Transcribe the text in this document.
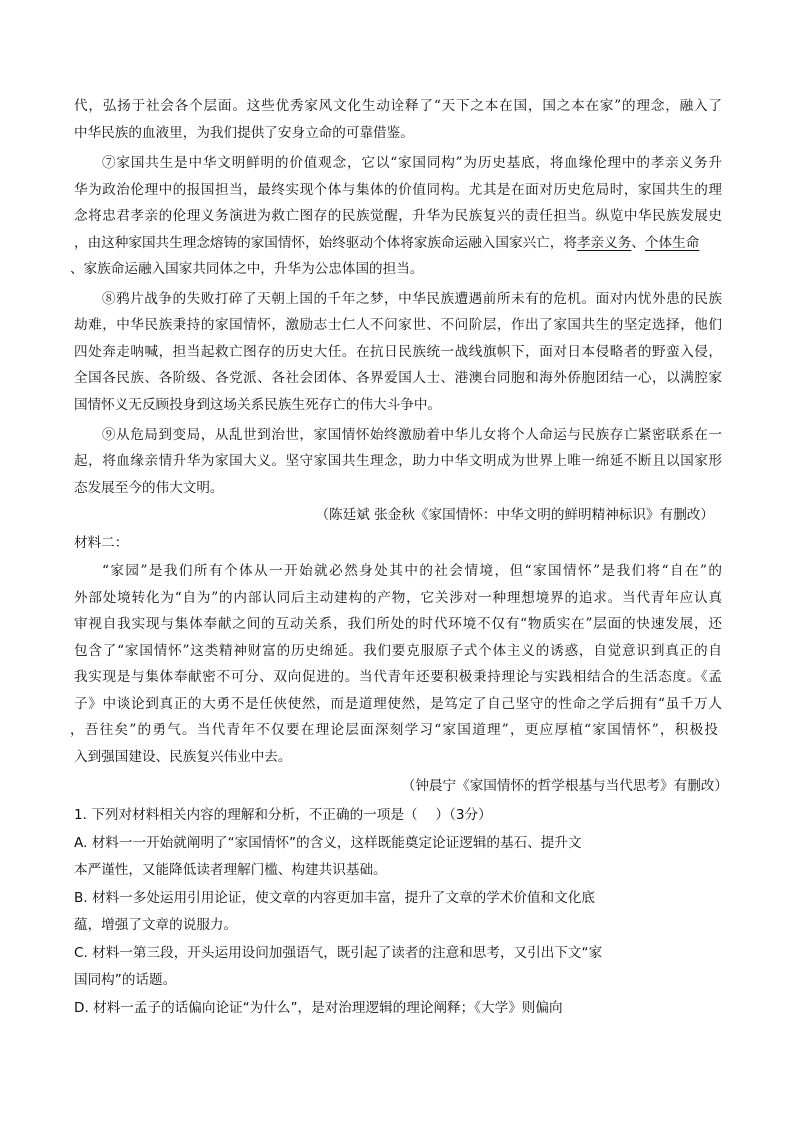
代，弘扬于社会各个层面。这些优秀家风文化生动诠释了“天下之本在国，国之本在家”的理念，融入了
中华民族的血液里，为我们提供了安身立命的可靠借鉴。
⑦家国共生是中华文明鲜明的价值观念，它以“家国同构”为历史基底，将血缘伦理中的孝亲义务升
华为政治伦理中的报国担当，最终实现个体与集体的价值同构。尤其是在面对历史危局时，家国共生的理
念将忠君孝亲的伦理义务演进为救亡图存的民族觉醒，升华为民族复兴的责任担当。纵览中华民族发展史
，由这种家国共生理念熔铸的家国情怀，始终驱动个体将家族命运融入国家兴亡，将孝亲义务、个体生命
、家族命运融入国家共同体之中，升华为公忠体国的担当。
⑧鸦片战争的失败打碎了天朝上国的千年之梦，中华民族遭遇前所未有的危机。面对内忧外患的民族
劫难，中华民族秉持的家国情怀，激励志士仁人不问家世、不问阶层，作出了家国共生的坚定选择，他们
四处奔走呐喊，担当起救亡图存的历史大任。在抗日民族统一战线旗帜下，面对日本侵略者的野蛮入侵，
全国各民族、各阶级、各党派、各社会团体、各界爱国人士、港澳台同胞和海外侨胞团结一心，以满腔家
国情怀义无反顾投身到这场关系民族生死存亡的伟大斗争中。
⑨从危局到变局，从乱世到治世，家国情怀始终激励着中华儿女将个人命运与民族存亡紧密联系在一
起，将血缘亲情升华为家国大义。坚守家国共生理念，助力中华文明成为世界上唯一绵延不断且以国家形
态发展至今的伟大文明。
（陈廷斌 张金秋《家国情怀：中华文明的鲜明精神标识》有删改）
材料二：
“家园”是我们所有个体从一开始就必然身处其中的社会情境，但“家国情怀”是我们将“自在”的
外部处境转化为“自为”的内部认同后主动建构的产物，它关涉对一种理想境界的追求。当代青年应认真
审视自我实现与集体奉献之间的互动关系，我们所处的时代环境不仅有“物质实在”层面的快速发展，还
包含了“家国情怀”这类精神财富的历史绵延。我们要克服原子式个体主义的诱惑，自觉意识到真正的自
我实现是与集体奉献密不可分、双向促进的。当代青年还要积极秉持理论与实践相结合的生活态度。《孟
子》中谈论到真正的大勇不是任侠使然，而是道理使然，是笃定了自己坚守的性命之学后拥有“虽千万人
，吾往矣”的勇气。当代青年不仅要在理论层面深刻学习“家国道理”，更应厚植“家国情怀”，积极投
入到强国建设、民族复兴伟业中去。
（钟晨宁《家国情怀的哲学根基与当代思考》有删改）
1. 下列对材料相关内容的理解和分析，不正确的一项是（　 ）（3分）
A. 材料一一开始就阐明了“家国情怀”的含义，这样既能奠定论证逻辑的基石、提升文
本严谨性，又能降低读者理解门槛、构建共识基础。
B. 材料一多处运用引用论证，使文章的内容更加丰富，提升了文章的学术价值和文化底
蕴，增强了文章的说服力。
C. 材料一第三段，开头运用设问加强语气，既引起了读者的注意和思考，又引出下文“家
国同构”的话题。
D. 材料一孟子的话偏向论证“为什么”，是对治理逻辑的理论阐释；《大学》则偏向
